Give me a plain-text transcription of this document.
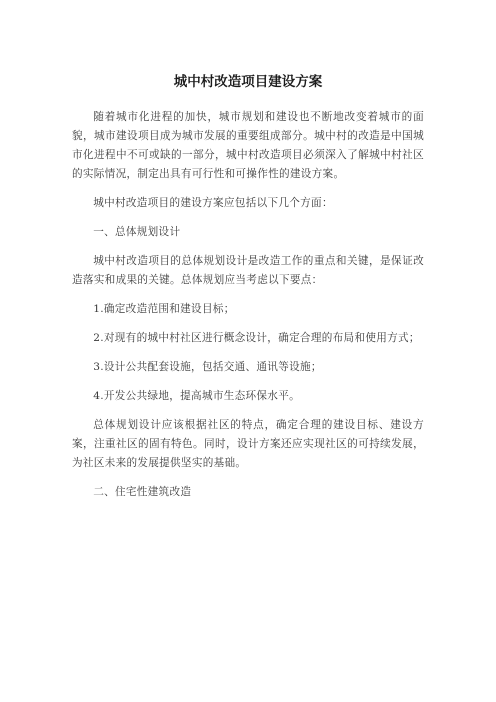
城中村改造项目建设方案

随着城市化进程的加快，城市规划和建设也不断地改变着城市的面貌，城市建设项目成为城市发展的重要组成部分。城中村的改造是中国城市化进程中不可或缺的一部分，城中村改造项目必须深入了解城中村社区的实际情况，制定出具有可行性和可操作性的建设方案。

城中村改造项目的建设方案应包括以下几个方面：

一、总体规划设计

城中村改造项目的总体规划设计是改造工作的重点和关键，是保证改造落实和成果的关键。总体规划应当考虑以下要点：

1.确定改造范围和建设目标；

2.对现有的城中村社区进行概念设计，确定合理的布局和使用方式；

3.设计公共配套设施，包括交通、通讯等设施；

4.开发公共绿地，提高城市生态环保水平。

总体规划设计应该根据社区的特点，确定合理的建设目标、建设方案，注重社区的固有特色。同时，设计方案还应实现社区的可持续发展，为社区未来的发展提供坚实的基础。

二、住宅性建筑改造
